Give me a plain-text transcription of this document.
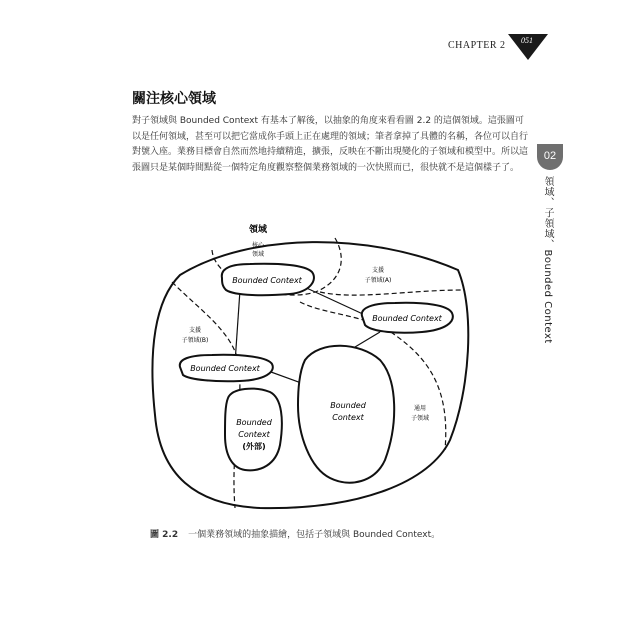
CHAPTER 2 051
02
領域、子領域、Bounded Context
關注核心領域

對子領域與 Bounded Context 有基本了解後，以抽象的角度來看看圖 2.2 的這個領域。這張圖可以是任何領域，甚至可以把它當成你手頭上正在處理的領域；筆者拿掉了具體的名稱，各位可以自行對號入座。業務目標會自然而然地持續精進，擴張，反映在不斷出現變化的子領域和模型中。所以這張圖只是某個時間點從一個特定角度觀察整個業務領域的一次快照而已，很快就不是這個樣子了。

領域
Bounded Context
Bounded Context
Bounded Context
Bounded
Context
Bounded
Context
(外部)
核心
領域
支援
子領域(A)
支援
子領域(B)
通用
子領域
圖 2.2 一個業務領域的抽象描繪，包括子領域與 Bounded Context。
